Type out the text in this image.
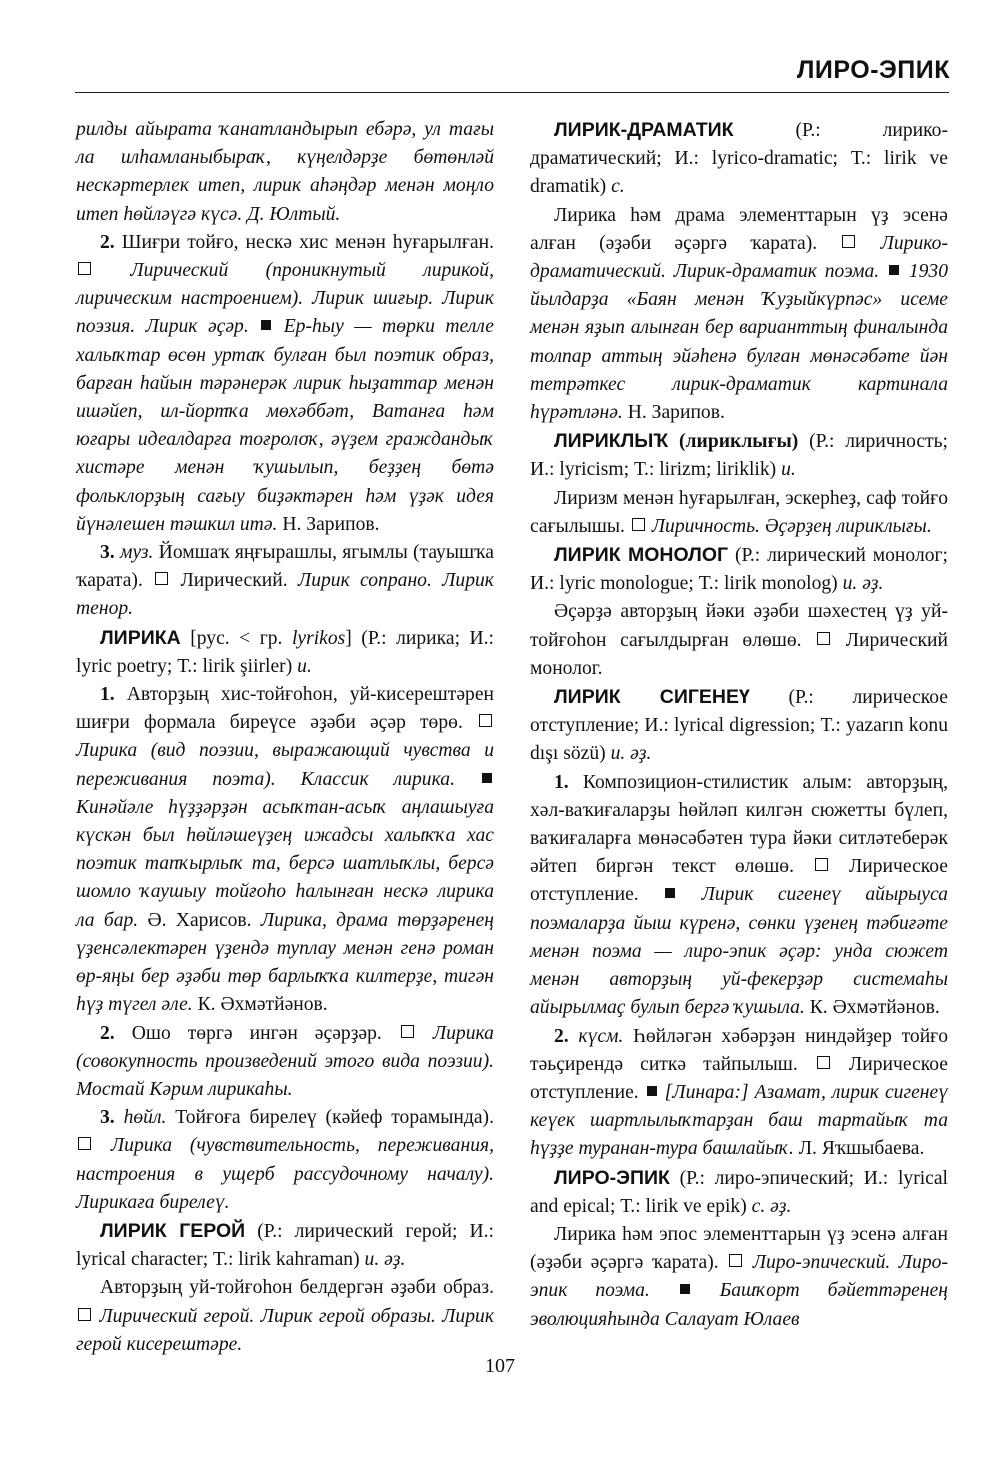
ЛИРО-ЭПИК

рилды айырата ҡанатландырып ебәрә, ул тағы ла илһамланыбыраҡ, күңелдәрҙе бөтөнләй нескәртерлек итеп, лирик аһәңдәр менән моңло итеп һөйләүгә күсә. Д. Юлтый.

2. Шиғри тойғо, нескә хис менән һуғарылған.  Лирический (проникнутый лирикой, лирическим настроением). Лирик шиғыр. Лирик поэзия. Лирик әҫәр. Ер-һыу — төрки телле халыҡтар өсөн уртаҡ булған был поэтик образ, барған һайын тәрәнерәк лирик һыҙаттар менән ишәйеп, ил-йортҡа мөхәббәт, Ватанға һәм юғары идеалдарға тоғролоҡ, әүҙем граждандыҡ хистәре менән ҡушылып, беҙҙең бөтә фольклорҙың сағыу биҙәктәрен һәм үҙәк идея йүнәлешен тәшкил итә. Н. Зарипов.

3. муз. Йомшаҡ яңғырашлы, ягымлы (тауышҡа ҡарата). Лирический. Лирик сопрано. Лирик тенор.

ЛИРИКА [рус. < гр. lyrikos] (Р.: лирика; И.: lyric poetry; Т.: lirik şiirler) и.

1. Авторҙың хис-тойғоһон, уй-кисерештәрен шиғри формала биреүсе әҙәби әҫәр төрө.  Лирика (вид поэзии, выражающий чувства и переживания поэта). Классик лирика.  Кинәйәле һүҙҙәрҙән асыҡтан-асыҡ аңлашыуға күскән был һөйләшеүҙең ижадсы халыҡҡа хас поэтик тапҡырлыҡ та, берсә шатлыҡлы, берсә шомло ҡаушыу тойғоһо һалынған нескә лирика ла бар. Ә. Харисов. Лирика, драма төрҙәренең үҙенсәлектәрен үҙендә туплау менән генә роман өр-яңы бер әҙәби төр барлыҡҡа килтерҙе, тигән һүҙ түгел әле. К. Әхмәтйәнов.

2. Ошо төргә ингән әҫәрҙәр.	Лирика (совокупность произведений этого вида поэзии). Мостай Кәрим лирикаһы.

3. һөйл. Тойғоға бирелеү (кәйеф торамында).  Лирика (чувствительность, переживания, настроения в ущерб рассудочному началу). Лирикаға бирелеү.

ЛИРИК ГЕРОЙ (Р.: лирический герой; И.: lyrical character; Т.: lirik kahraman) и. әҙ.

Авторҙың уй-тойғоһон белдергән әҙәби образ.  Лирический герой. Лирик герой образы. Лирик герой кисерештәре.

ЛИРИК-ДРАМАТИК	(Р.: лирико-драматический; И.: lyrico-dramatic; Т.: lirik ve dramatik) с.

Лирика һәм драма элементтарын үҙ эсенә алған (әҙәби әҫәргә ҡарата).	Лирико-драматический. Лирик-драматик поэма. 1930 йылдарҙа «Баян менән Ҡуҙыйкүрпәс» исеме менән яҙып алынған бер варианттың финалында толпар аттың эйәһенә булған мөнәсәбәте йән тетрәткес лирик-драматик картинала һүрәтләнә. Н. Зарипов.

ЛИРИКЛЫҠ (лириклығы) (Р.: лиричность; И.: lyricism; Т.: lirizm; liriklik) и.

Лиризм менән һуғарылған, эскерһеҙ, саф тойғо сағылышы. Лиричность. Әҫәрҙең лириклығы.

ЛИРИК МОНОЛОГ (Р.: лирический монолог; И.: lyric monologue; Т.: lirik monolog) и. әҙ.

Әҫәрҙә авторҙың йәки әҙәби шәхестең үҙ уй-тойғоһон сағылдырған өлөшө. Лирический монолог.

ЛИРИК СИГЕНЕҮ (Р.: лирическое отступление; И.: lyrical digression; Т.: yazarın konu dışı sözü) и. әҙ.

1. Композицион-стилистик алым: авторҙың, хәл-ваҡиғаларҙы һөйләп килгән сюжетты бүлеп, ваҡиғаларға мөнәсәбәтен тура йәки ситләтеберәк әйтеп биргән текст өлөшө.	Лирическое отступление.	Лирик сигенеү айырыуса поэмаларҙа йыш күренә, сөнки үҙенең тәбиғәте менән поэма — лиро-эпик әҫәр: унда сюжет менән авторҙың уй-фекерҙәр системаһы айырылмаҫ булып бергә ҡушыла. К. Әхмәтйәнов.

2. күсм. Һөйләгән хәбәрҙән ниндәйҙер тойғо тәьҫирендә ситкә тайпылыш.	Лирическое отступление. [Линара:] Азамат, лирик сигенеү кеүек шартлылыҡтарҙан баш тартайыҡ та һүҙҙе туранан-тура башлайыҡ. Л. Яҡшыбаева.

ЛИРО-ЭПИК (Р.: лиро-эпический; И.: lyrical and epical; Т.: lirik ve epik) с. әҙ.

Лирика һәм эпос элементтарын үҙ эсенә алған (әҙәби әҫәргә ҡарата). Лиро-эпический. Лиро-эпик поэма.	Башҡорт бәйеттәренең эволюцияһында Салауат Юлаев

107
